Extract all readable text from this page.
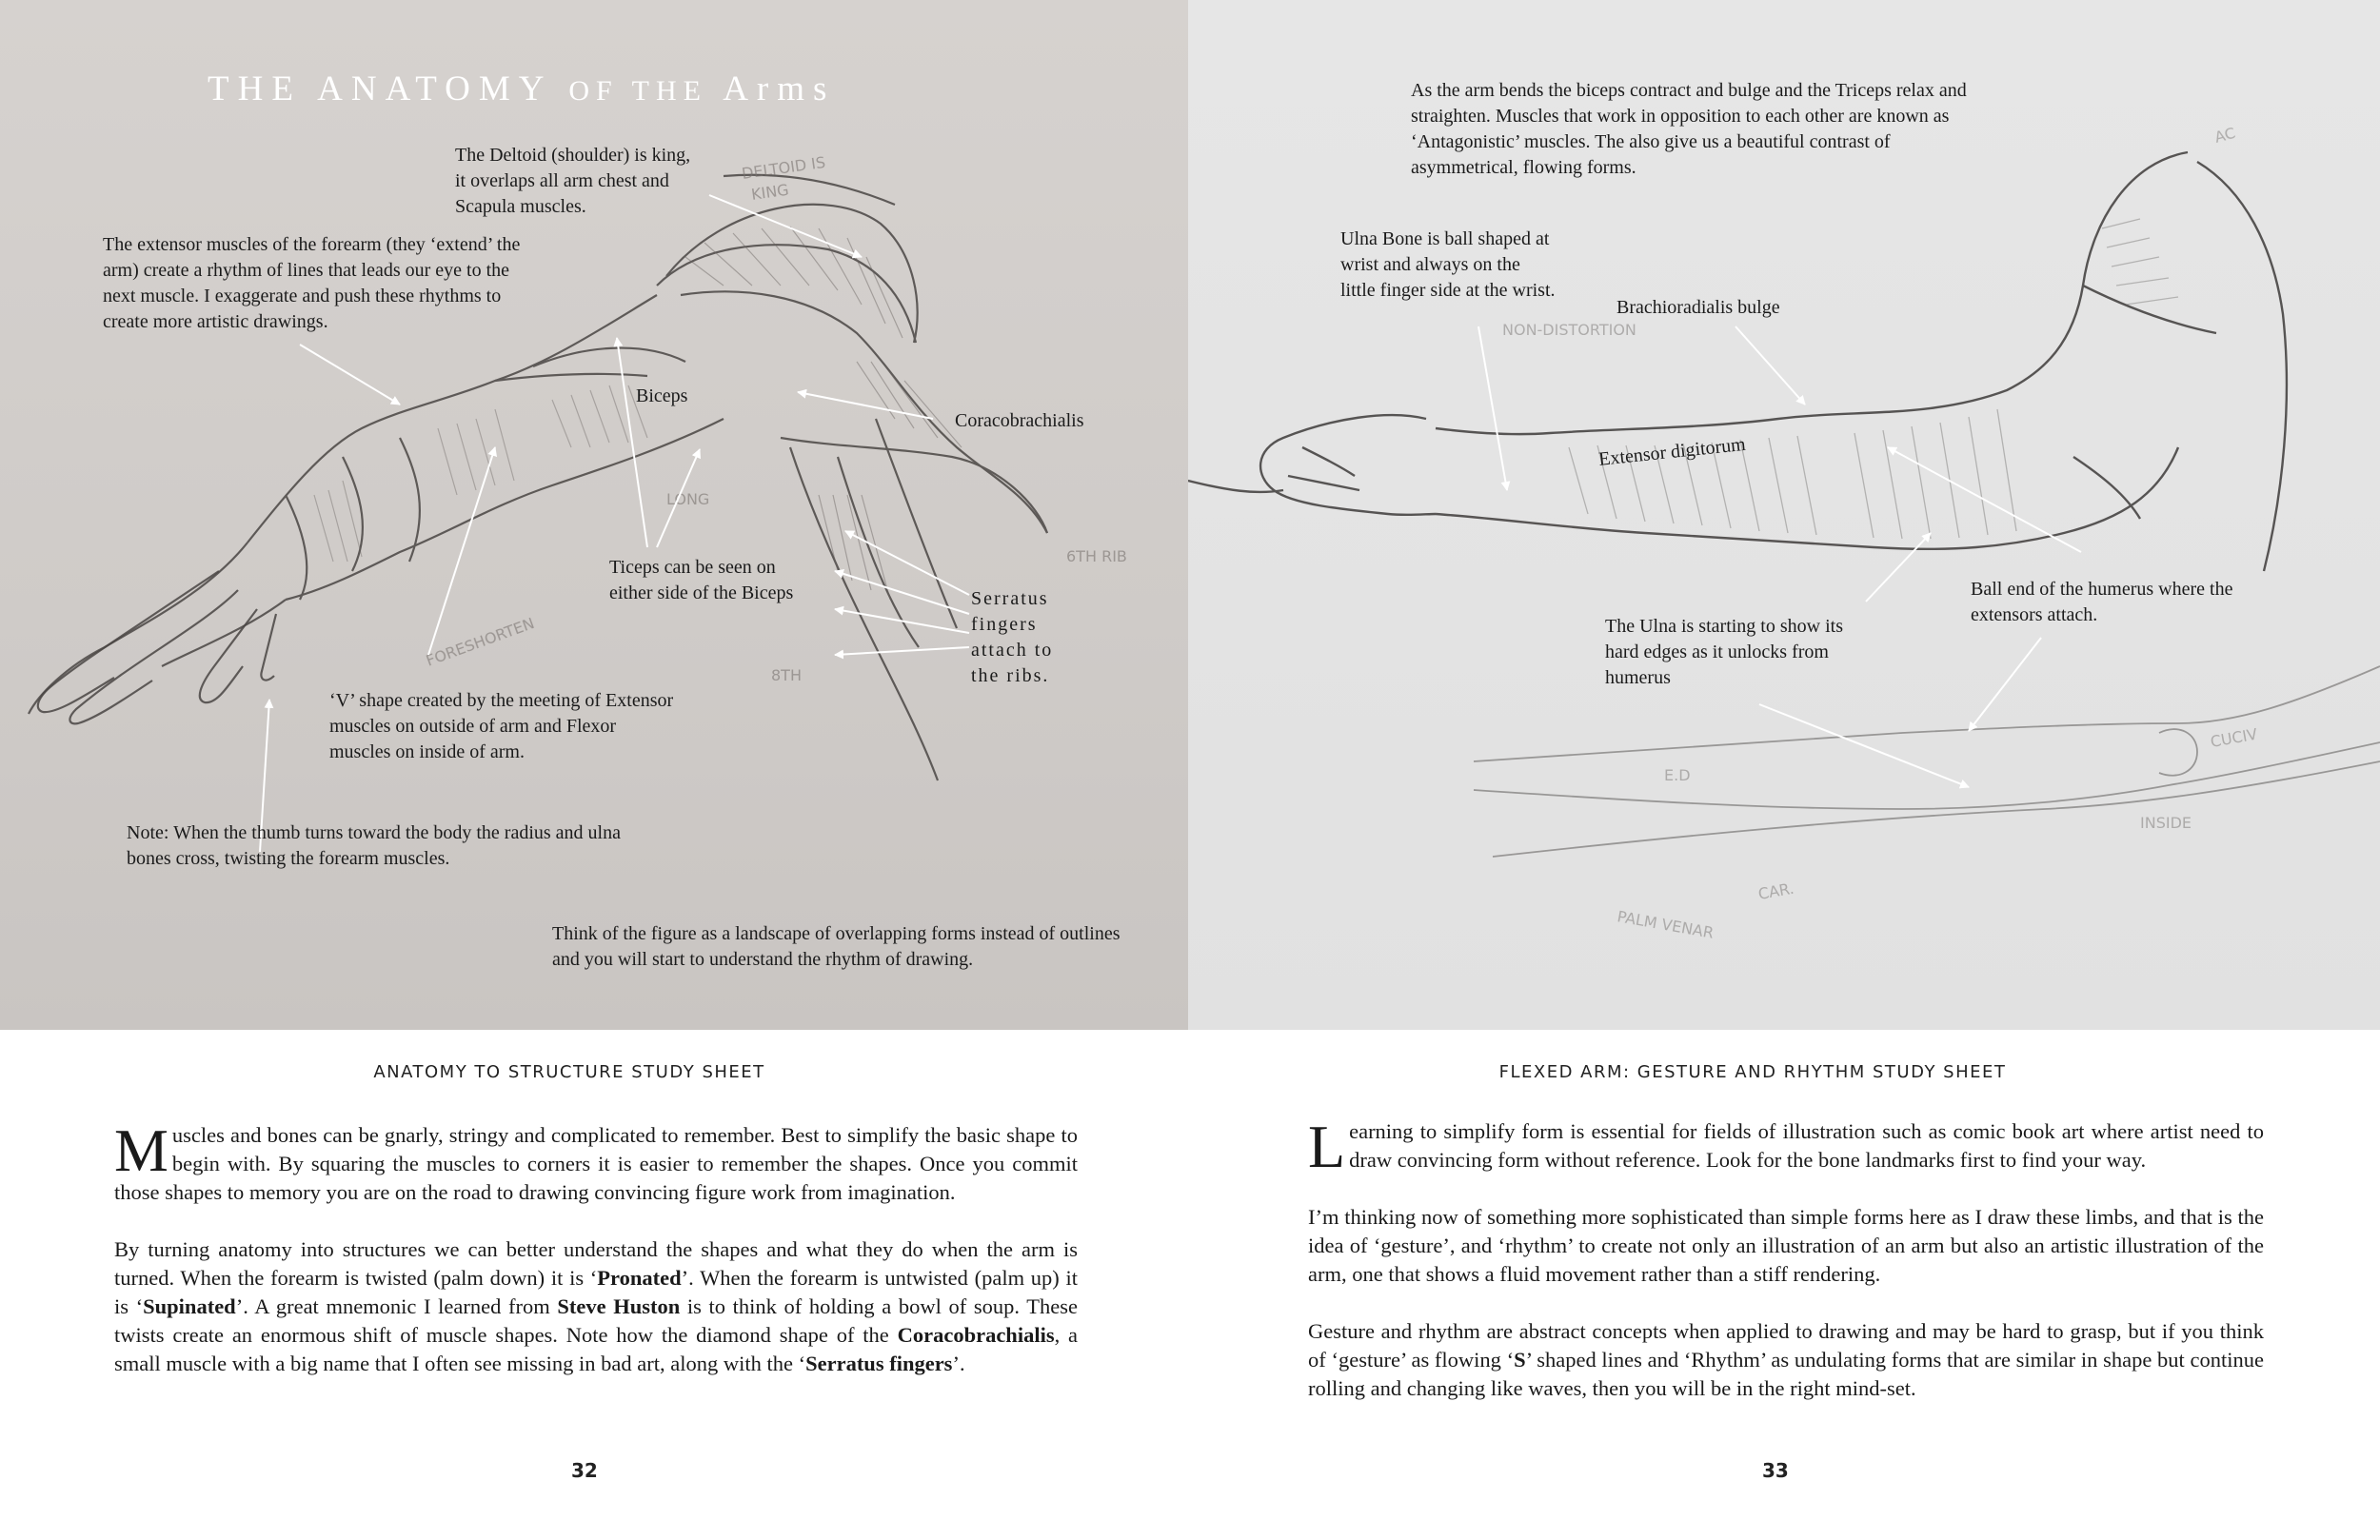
DELTOID IS
KING
FORESHORTEN
6TH RIB
8TH
LONG
THE ANATOMY OF THE Arms
The Deltoid (shoulder) is king, it overlaps all arm chest and Scapula muscles.
The extensor muscles of the forearm (they ‘extend’ the arm) create a rhythm of lines that leads our eye to the next muscle. I exaggerate and push these rhythms to create more artistic drawings.
Biceps
Coracobrachialis
Ticeps can be seen on either side of the Biceps	Serratus fingers attach to the ribs.
‘V’ shape created by the meeting of Extensor muscles on outside of arm and Flexor muscles on inside of arm.
Note: When the thumb turns toward the body the radius and ulna bones cross, twisting the forearm muscles.
Think of the figure as a landscape of overlapping forms instead of outlines and you will start to understand the rhythm of drawing.
ANATOMY TO STRUCTURE STUDY SHEET

Muscles and bones can be gnarly, stringy and complicated to remember. Best to simplify the basic shape to begin with. By squaring the muscles to corners it is easier to remember the shapes. Once you commit those shapes to memory you are on the road to drawing convincing figure work from imagination.

By turning anatomy into structures we can better understand the shapes and what they do when the arm is turned. When the forearm is twisted (palm down) it is ‘Pronated’. When the forearm is untwisted (palm up) it is ‘Supinated’. A great mnemonic I learned from Steve Huston is to think of holding a bowl of soup. These twists create an enormous shift of muscle shapes. Note how the diamond shape of the Coracobrachialis, a small muscle with a big name that I often see missing in bad art, along with the ‘Serratus fingers’.

32
NON-DISTORTION
AC
E.D
CUCIV
CAR.
INSIDE
PALM VENAR
As the arm bends the biceps contract and bulge and the Triceps relax and straighten. Muscles that work in opposition to each other are known as ‘Antagonistic’ muscles. The also give us a beautiful contrast of asymmetrical, flowing forms.
Ulna Bone is ball shaped at wrist and always on the little finger side at the wrist.
Brachioradialis bulge
Extensor digitorum
Ball end of the humerus where the extensors attach.
The Ulna is starting to show its hard edges as it unlocks from humerus
FLEXED ARM: GESTURE AND RHYTHM STUDY SHEET

Learning to simplify form is essential for fields of illustration such as comic book art where artist need to draw convincing form without reference. Look for the bone landmarks first to find your way.

I’m thinking now of something more sophisticated than simple forms here as I draw these limbs, and that is the idea of ‘gesture’, and ‘rhythm’ to create not only an illustration of an arm but also an artistic illustration of the arm, one that shows a fluid movement rather than a stiff rendering.

Gesture and rhythm are abstract concepts when applied to drawing and may be hard to grasp, but if you think of ‘gesture’ as flowing ‘S’ shaped lines and ‘Rhythm’ as undulating forms that are similar in shape but continue rolling and changing like waves, then you will be in the right mind-set.

33
